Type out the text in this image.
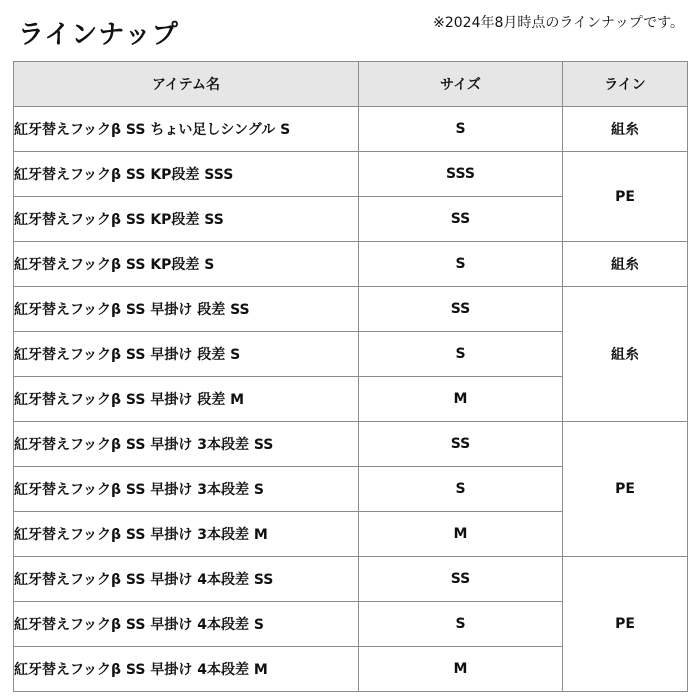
ラインナップ	※2024年8月時点のラインナップです。
アイテム名	サイズ	ライン
紅牙替えフックβ SS ちょい足しシングル S	S	組糸
紅牙替えフックβ SS KP段差 SSS	SSS	PE
紅牙替えフックβ SS KP段差 SS	SS	
紅牙替えフックβ SS KP段差 S	S	組糸
紅牙替えフックβ SS 早掛け 段差 SS	SS	組糸
紅牙替えフックβ SS 早掛け 段差 S	S	
紅牙替えフックβ SS 早掛け 段差 M	M	
紅牙替えフックβ SS 早掛け 3本段差 SS	SS	PE
紅牙替えフックβ SS 早掛け 3本段差 S	S	
紅牙替えフックβ SS 早掛け 3本段差 M	M	
紅牙替えフックβ SS 早掛け 4本段差 SS	SS	PE
紅牙替えフックβ SS 早掛け 4本段差 S	S	
紅牙替えフックβ SS 早掛け 4本段差 M	M	
